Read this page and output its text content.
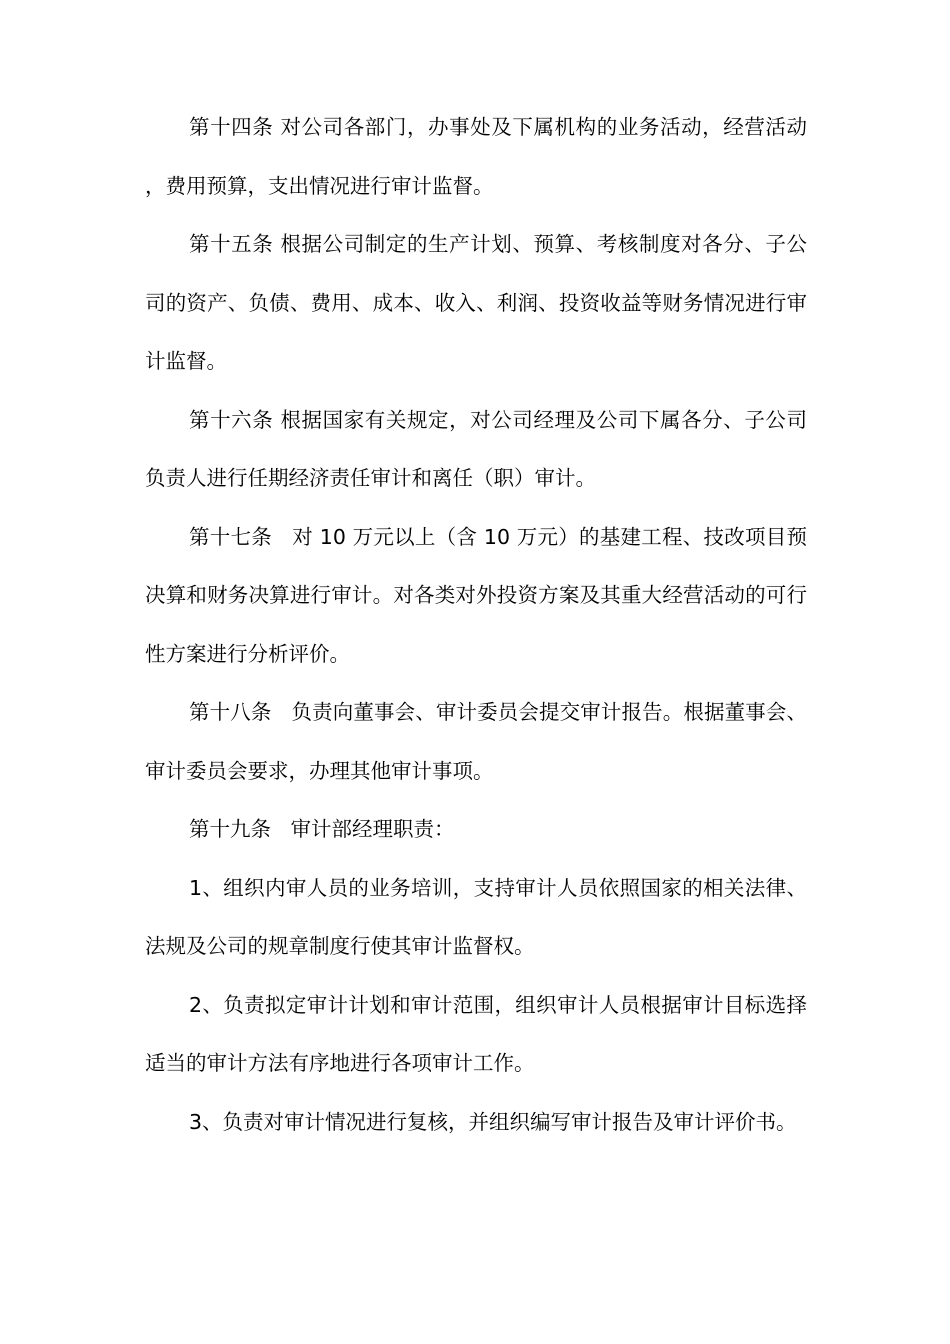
第十四条 对公司各部门，办事处及下属机构的业务活动，经营活动，费用预算，支出情况进行审计监督。

第十五条 根据公司制定的生产计划、预算、考核制度对各分、子公司的资产、负债、费用、成本、收入、利润、投资收益等财务情况进行审计监督。

第十六条 根据国家有关规定，对公司经理及公司下属各分、子公司负责人进行任期经济责任审计和离任（职）审计。

第十七条   对 10 万元以上（含 10 万元）的基建工程、技改项目预决算和财务决算进行审计。对各类对外投资方案及其重大经营活动的可行性方案进行分析评价。

第十八条   负责向董事会、审计委员会提交审计报告。根据董事会、审计委员会要求，办理其他审计事项。

第十九条   审计部经理职责：

1、组织内审人员的业务培训，支持审计人员依照国家的相关法律、法规及公司的规章制度行使其审计监督权。

2、负责拟定审计计划和审计范围，组织审计人员根据审计目标选择适当的审计方法有序地进行各项审计工作。

3、负责对审计情况进行复核，并组织编写审计报告及审计评价书。
